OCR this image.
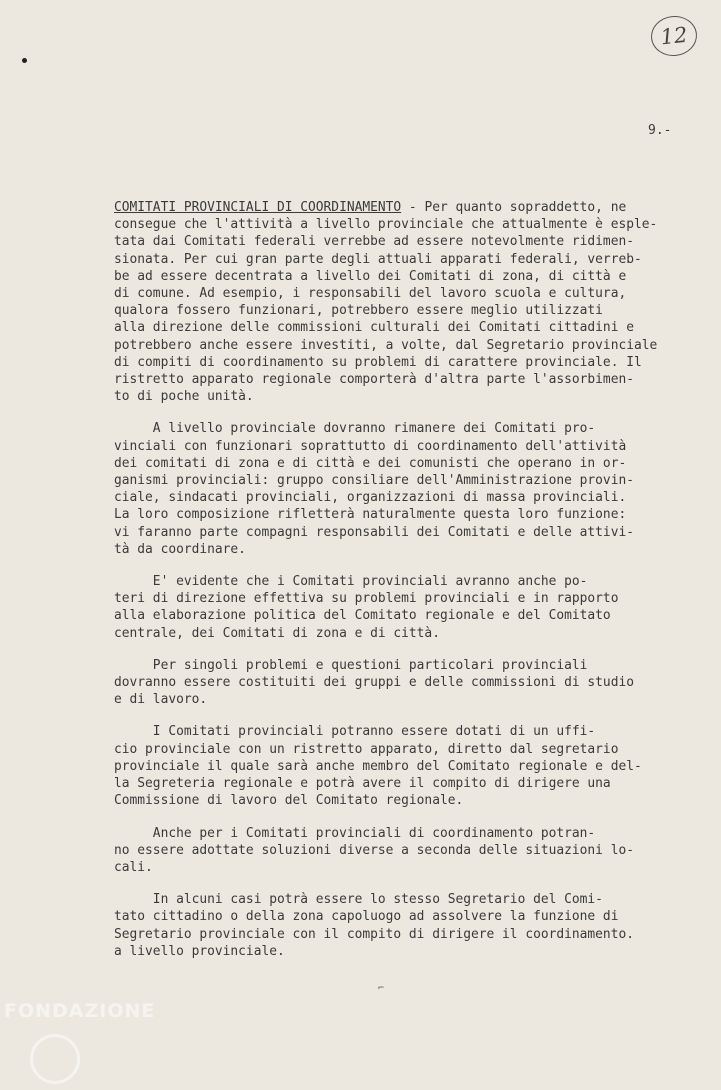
12
9.-

COMITATI PROVINCIALI DI COORDINAMENTO - Per quanto sopraddetto, ne
consegue che l'attività a livello provinciale che attualmente è esple-
tata dai Comitati federali verrebbe ad essere notevolmente ridimen-
sionata. Per cui gran parte degli attuali apparati federali, verreb-
be ad essere decentrata a livello dei Comitati di zona, di città e
di comune. Ad esempio, i responsabili del lavoro scuola e cultura,
qualora fossero funzionari, potrebbero essere meglio utilizzati
alla direzione delle commissioni culturali dei Comitati cittadini e
potrebbero anche essere investiti, a volte, dal Segretario provinciale
di compiti di coordinamento su problemi di carattere provinciale. Il
ristretto apparato regionale comporterà d'altra parte l'assorbimen-
to di poche unità.

A livello provinciale dovranno rimanere dei Comitati pro-
vinciali con funzionari soprattutto di coordinamento dell'attività
dei comitati di zona e di città e dei comunisti che operano in or-
ganismi provinciali: gruppo consiliare dell'Amministrazione provin-
ciale, sindacati provinciali, organizzazioni di massa provinciali.
La loro composizione rifletterà naturalmente questa loro funzione:
vi faranno parte compagni responsabili dei Comitati e delle attivi-
tà da coordinare.

E' evidente che i Comitati provinciali avranno anche po-
teri di direzione effettiva su problemi provinciali e in rapporto
alla elaborazione politica del Comitato regionale e del Comitato
centrale, dei Comitati di zona e di città.

Per singoli problemi e questioni particolari provinciali
dovranno essere costituiti dei gruppi e delle commissioni di studio
e di lavoro.

I Comitati provinciali potranno essere dotati di un uffi-
cio provinciale con un ristretto apparato, diretto dal segretario
provinciale il quale sarà anche membro del Comitato regionale e del-
la Segreteria regionale e potrà avere il compito di dirigere una
Commissione di lavoro del Comitato regionale.

Anche per i Comitati provinciali di coordinamento potran-
no essere adottate soluzioni diverse a seconda delle situazioni lo-
cali.

In alcuni casi potrà essere lo stesso Segretario del Comi-
tato cittadino o della zona capoluogo ad assolvere la funzione di
Segretario provinciale con il compito di dirigere il coordinamento.
a livello provinciale.

⌐
FONDAZIONE
